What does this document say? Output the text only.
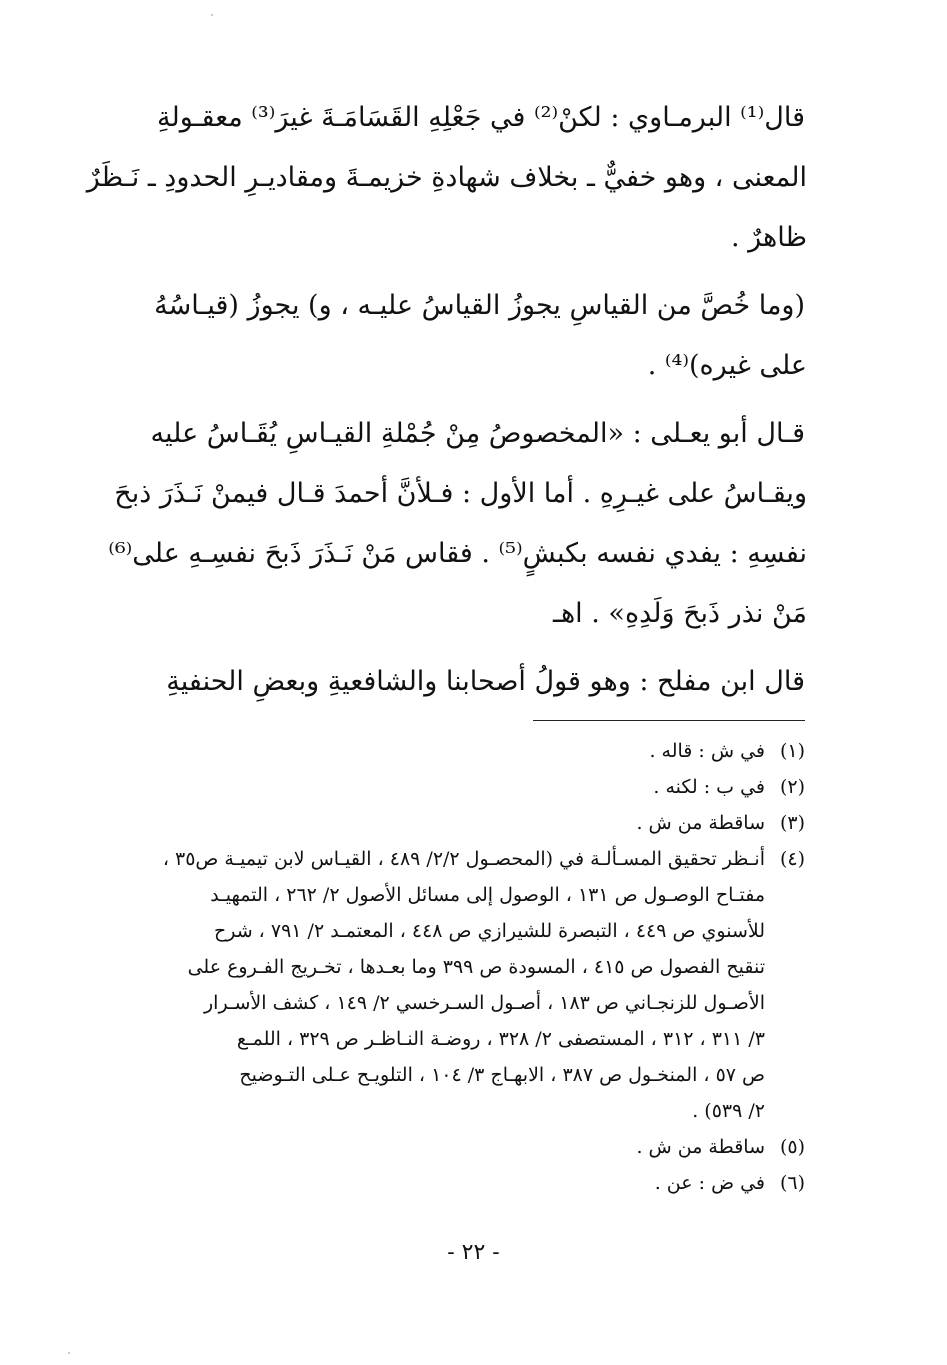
قال⁽¹⁾ البرمـاوي : لكنْ⁽²⁾ في جَعْلِهِ القَسَامَـةَ غيرَ⁽³⁾ معقـولةِ
المعنى ، وهو خفيٌّ ـ بخلاف شهادةِ خزيمـةَ ومقاديـرِ الحدودِ ـ نَـظَرٌ
ظاهرٌ .

(وما خُصَّ من القياسِ يجوزُ القياسُ عليـه ، و) يجوزُ (قيـاسُهُ
على غيره)⁽⁴⁾ .

قـال أبو يعـلى : «المخصوصُ مِنْ جُمْلةِ القيـاسِ يُقَـاسُ عليه
ويقـاسُ على غيـرِهِ . أما الأول : فـلأنَّ أحمدَ قـال فيمنْ نَـذَرَ ذبحَ
نفسِهِ : يفدي نفسه بكبشٍ⁽⁵⁾ . فقاس مَنْ نَـذَرَ ذَبحَ نفسِـهِ على⁽⁶⁾
مَنْ نذر ذَبحَ وَلَدِهِ» . اهـ

قال ابن مفلح : وهو قولُ أصحابنا والشافعيةِ وبعضِ الحنفيةِ

(١)
في ش : قاله .
(٢)
في ب : لكنه .
(٣)
ساقطة من ش .
(٤)
أنـظر تحقيق المسـألـة في (المحصـول ٢/٢/ ٤٨٩ ، القيـاس لابن تيميـة ص٣٥ ،
مفتـاح الوصـول ص ١٣١ ، الوصول إلى مسائل الأصول ٢/ ٢٦٢ ، التمهيـد
للأسنوي ص ٤٤٩ ، التبصرة للشيرازي ص ٤٤٨ ، المعتمـد ٢/ ٧٩١ ، شرح
تنقيح الفصول ص ٤١٥ ، المسودة ص ٣٩٩ وما بعـدها ، تخـريج الفـروع على
الأصـول للزنجـاني ص ١٨٣ ، أصـول السـرخسي ٢/ ١٤٩ ، كشف الأسـرار
٣/ ٣١١ ، ٣١٢ ، المستصفى ٢/ ٣٢٨ ، روضـة النـاظـر ص ٣٢٩ ، اللمـع
ص ٥٧ ، المنخـول ص ٣٨٧ ، الابهـاج ٣/ ١٠٤ ، التلويـح عـلى التـوضيح
٢/ ٥٣٩) .
(٥)
ساقطة من ش .
(٦)
في ض : عن .
- ٢٢ -
